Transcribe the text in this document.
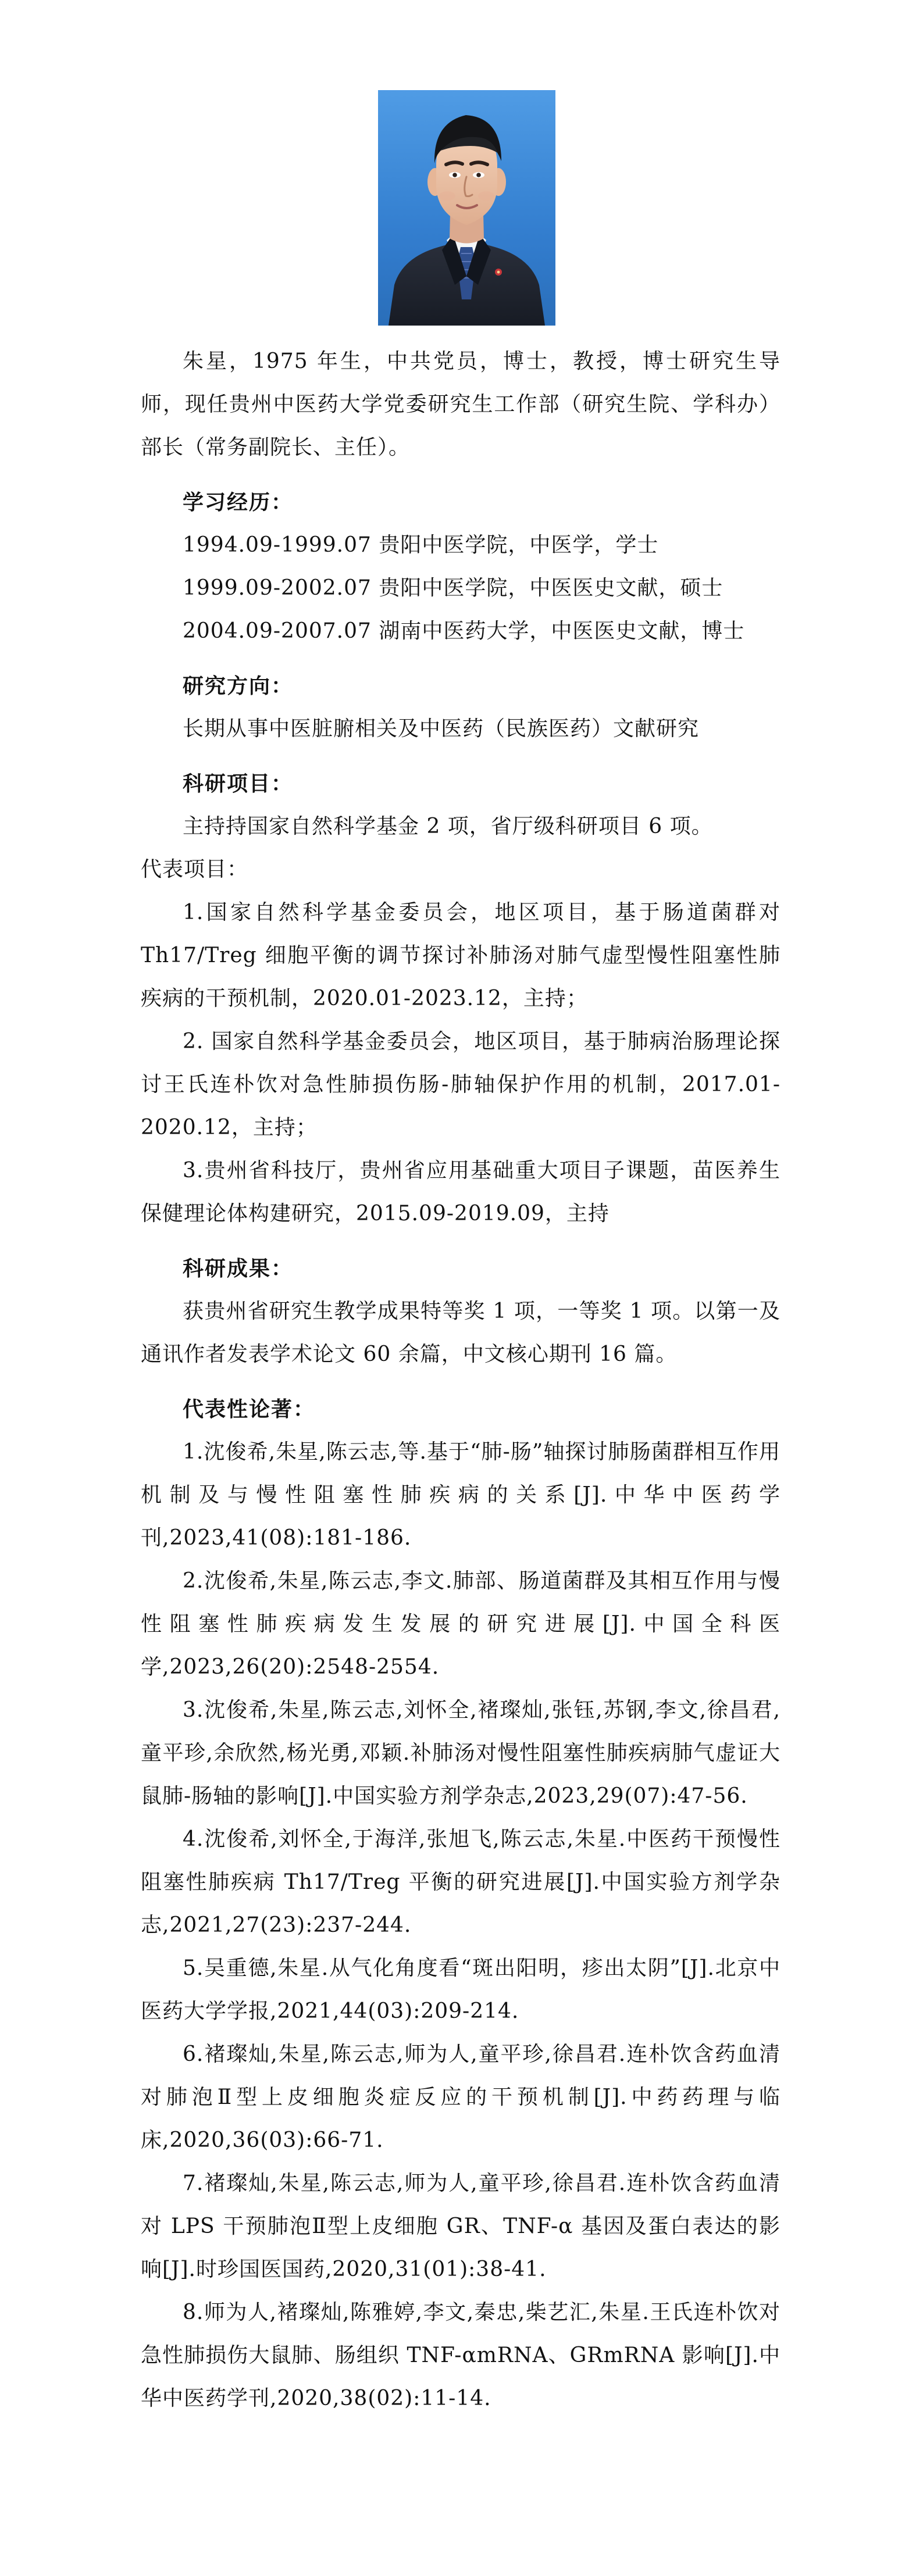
朱星，1975 年生，中共党员，博士，教授，博士研究生导师，现任贵州中医药大学党委研究生工作部（研究生院、学科办）部长（常务副院长、主任）。

学习经历：

1994.09-1999.07 贵阳中医学院，中医学，学士

1999.09-2002.07 贵阳中医学院，中医医史文献，硕士

2004.09-2007.07 湖南中医药大学，中医医史文献，博士

研究方向：

长期从事中医脏腑相关及中医药（民族医药）文献研究

科研项目：

主持持国家自然科学基金 2 项，省厅级科研项目 6 项。

代表项目：

1.国家自然科学基金委员会，地区项目，基于肠道菌群对 Th17/Treg 细胞平衡的调节探讨补肺汤对肺气虚型慢性阻塞性肺疾病的干预机制，2020.01-2023.12，主持；

2. 国家自然科学基金委员会，地区项目，基于肺病治肠理论探讨王氏连朴饮对急性肺损伤肠-肺轴保护作用的机制，2017.01-2020.12，主持；

3.贵州省科技厅，贵州省应用基础重大项目子课题，苗医养生保健理论体构建研究，2015.09-2019.09，主持

科研成果：

获贵州省研究生教学成果特等奖 1 项，一等奖 1 项。以第一及通讯作者发表学术论文 60 余篇，中文核心期刊 16 篇。

代表性论著：

1.沈俊希,朱星,陈云志,等.基于“肺-肠”轴探讨肺肠菌群相互作用机制及与慢性阻塞性肺疾病的关系[J].中华中医药学刊,2023,41(08):181-186.

2.沈俊希,朱星,陈云志,李文.肺部、肠道菌群及其相互作用与慢性阻塞性肺疾病发生发展的研究进展[J].中国全科医学,2023,26(20):2548-2554.

3.沈俊希,朱星,陈云志,刘怀全,褚璨灿,张钰,苏钢,李文,徐昌君,童平珍,余欣然,杨光勇,邓颖.补肺汤对慢性阻塞性肺疾病肺气虚证大鼠肺-肠轴的影响[J].中国实验方剂学杂志,2023,29(07):47-56.

4.沈俊希,刘怀全,于海洋,张旭飞,陈云志,朱星.中医药干预慢性阻塞性肺疾病 Th17/Treg 平衡的研究进展[J].中国实验方剂学杂志,2021,27(23):237-244.

5.吴重德,朱星.从气化角度看“斑出阳明，疹出太阴”[J].北京中医药大学学报,2021,44(03):209-214.

6.褚璨灿,朱星,陈云志,师为人,童平珍,徐昌君.连朴饮含药血清对肺泡Ⅱ型上皮细胞炎症反应的干预机制[J].中药药理与临床,2020,36(03):66-71.

7.褚璨灿,朱星,陈云志,师为人,童平珍,徐昌君.连朴饮含药血清对 LPS 干预肺泡Ⅱ型上皮细胞 GR、TNF-α 基因及蛋白表达的影响[J].时珍国医国药,2020,31(01):38-41.

8.师为人,褚璨灿,陈雅婷,李文,秦忠,柴艺汇,朱星.王氏连朴饮对急性肺损伤大鼠肺、肠组织 TNF-αmRNA、GRmRNA 影响[J].中华中医药学刊,2020,38(02):11-14.
